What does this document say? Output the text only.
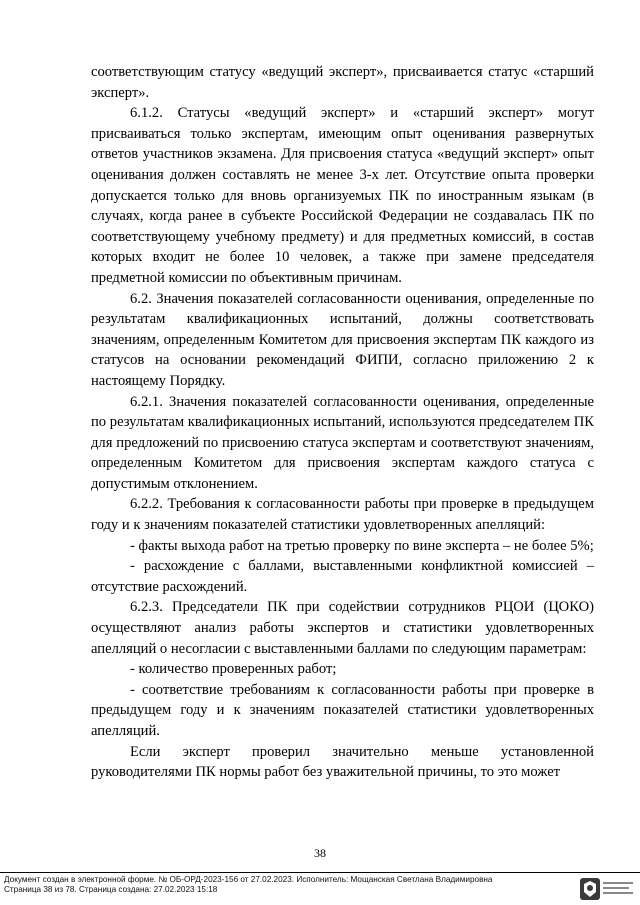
соответствующим статусу «ведущий эксперт», присваивается статус «старший эксперт».

6.1.2. Статусы «ведущий эксперт» и «старший эксперт» могут присваиваться только экспертам, имеющим опыт оценивания развернутых ответов участников экзамена. Для присвоения статуса «ведущий эксперт» опыт оценивания должен составлять не менее 3-х лет. Отсутствие опыта проверки допускается только для вновь организуемых ПК по иностранным языкам (в случаях, когда ранее в субъекте Российской Федерации не создавалась ПК по соответствующему учебному предмету) и для предметных комиссий, в состав которых входит не более 10 человек, а также при замене председателя предметной комиссии по объективным причинам.

6.2. Значения показателей согласованности оценивания, определенные по результатам квалификационных испытаний, должны соответствовать значениям, определенным Комитетом для присвоения экспертам ПК каждого из статусов на основании рекомендаций ФИПИ, согласно приложению 2 к настоящему Порядку.

6.2.1. Значения показателей согласованности оценивания, определенные по результатам квалификационных испытаний, используются председателем ПК для предложений по присвоению статуса экспертам и соответствуют значениям, определенным Комитетом для присвоения экспертам каждого статуса с допустимым отклонением.

6.2.2. Требования к согласованности работы при проверке в предыдущем году и к значениям показателей статистики удовлетворенных апелляций:

- факты выхода работ на третью проверку по вине эксперта – не более 5%;

- расхождение с баллами, выставленными конфликтной комиссией – отсутствие расхождений.

6.2.3. Председатели ПК при содействии сотрудников РЦОИ (ЦОКО) осуществляют анализ работы экспертов и статистики удовлетворенных апелляций о несогласии с выставленными баллами по следующим параметрам:

- количество проверенных работ;

- соответствие требованиям к согласованности работы при проверке в предыдущем году и к значениям показателей статистики удовлетворенных апелляций.

Если эксперт проверил значительно меньше установленной руководителями ПК нормы работ без уважительной причины, то это может

38
Документ создан в электронной форме. № ОБ-ОРД-2023-156 от 27.02.2023. Исполнитель: Мощанская Светлана Владимировна
Страница 38 из 78. Страница создана: 27.02.2023 15:18
